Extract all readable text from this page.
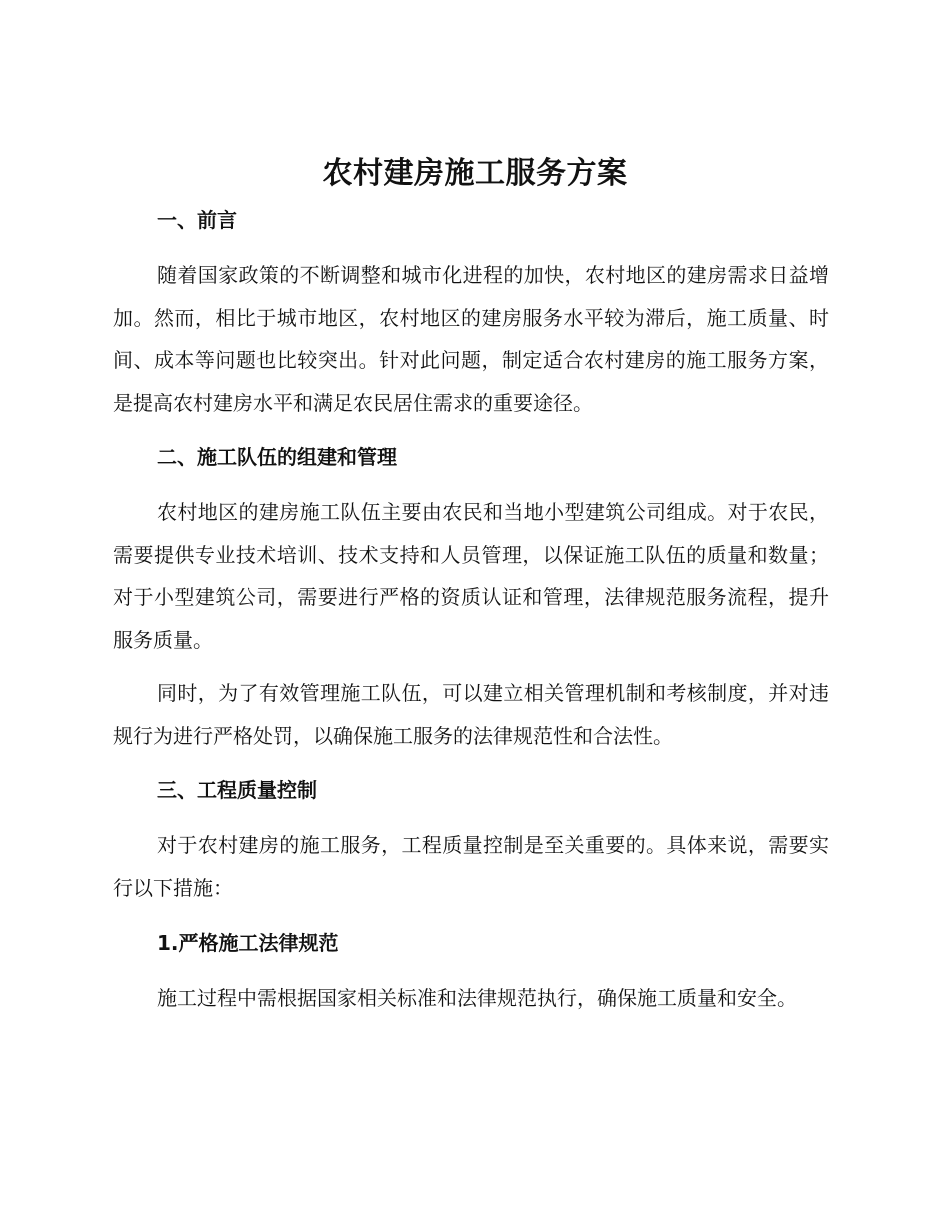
农村建房施工服务方案
一、前言

随着国家政策的不断调整和城市化进程的加快，农村地区的建房需求日益增加。然而，相比于城市地区，农村地区的建房服务水平较为滞后，施工质量、时间、成本等问题也比较突出。针对此问题，制定适合农村建房的施工服务方案，是提高农村建房水平和满足农民居住需求的重要途径。

二、施工队伍的组建和管理

农村地区的建房施工队伍主要由农民和当地小型建筑公司组成。对于农民，需要提供专业技术培训、技术支持和人员管理，以保证施工队伍的质量和数量；对于小型建筑公司，需要进行严格的资质认证和管理，法律规范服务流程，提升服务质量。

同时，为了有效管理施工队伍，可以建立相关管理机制和考核制度，并对违规行为进行严格处罚，以确保施工服务的法律规范性和合法性。

三、工程质量控制

对于农村建房的施工服务，工程质量控制是至关重要的。具体来说，需要实行以下措施：

1.严格施工法律规范

施工过程中需根据国家相关标准和法律规范执行，确保施工质量和安全。
